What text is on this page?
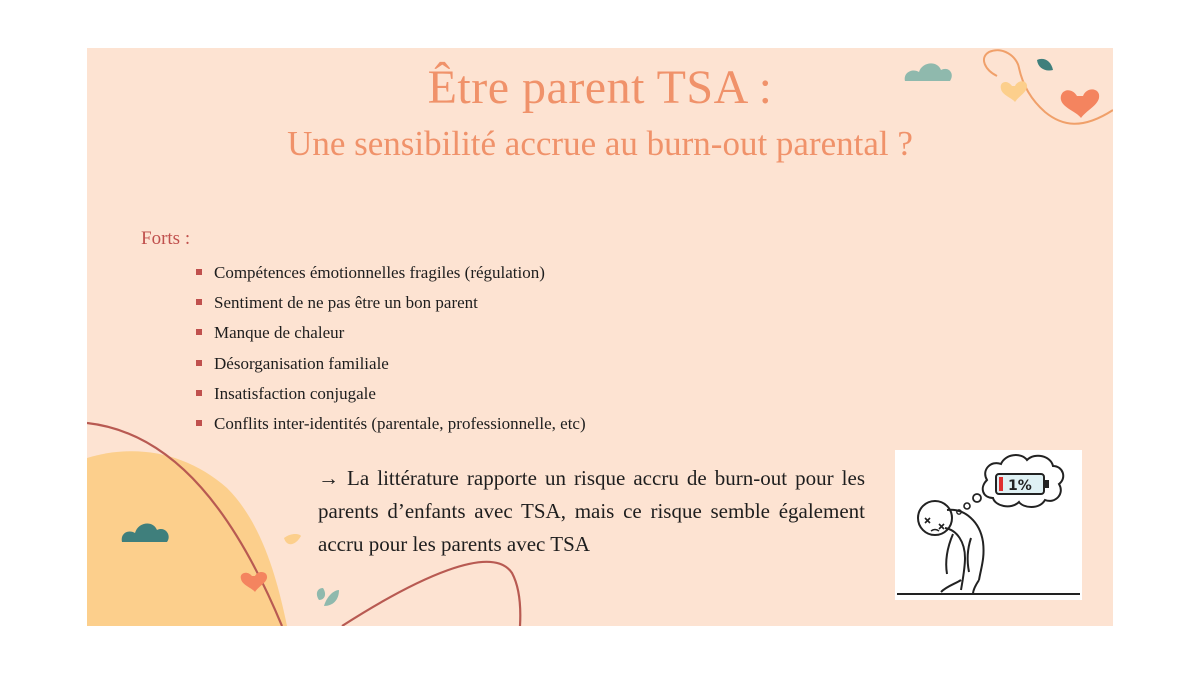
Être parent TSA :
Une sensibilité accrue au burn-out parental ?
Forts :
Compétences émotionnelles fragiles (régulation)
Sentiment de ne pas être un bon parent
Manque de chaleur
Désorganisation familiale
Insatisfaction conjugale
Conflits inter-identités (parentale, professionnelle, etc)
→ La littérature rapporte un risque accru de burn-out pour les parents d’enfants avec TSA, mais ce risque semble également accru pour les parents avec TSA
1%
